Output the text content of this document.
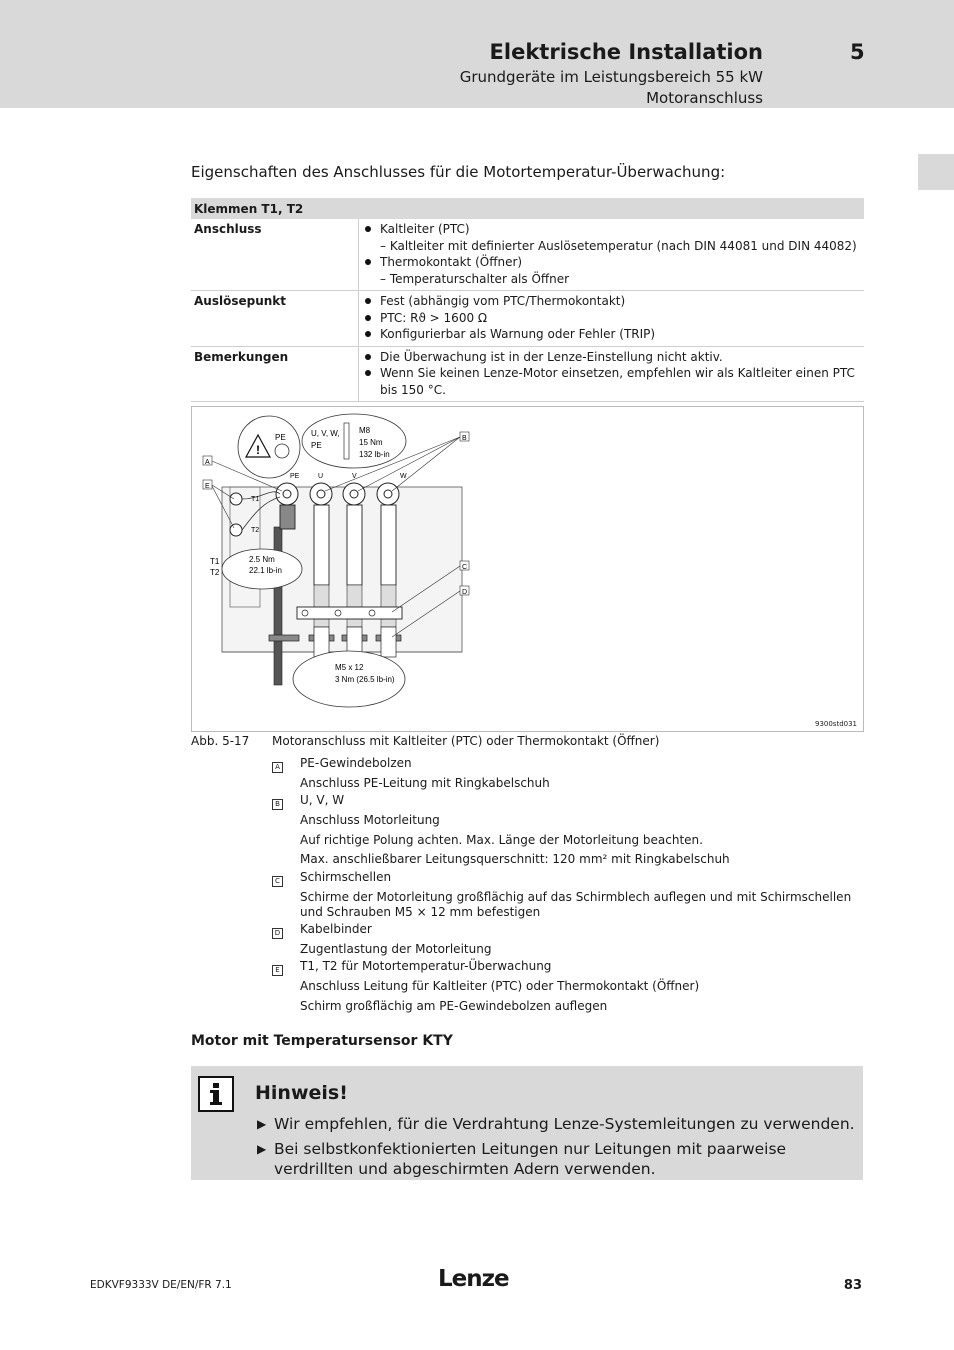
Elektrische Installation	5
Grundgeräte im Leistungsbereich 55 kW
Motoranschluss
Eigenschaften des Anschlusses für die Motortemperatur-Überwachung:
Klemmen T1, T2	
Anschluss	Kaltleiter (PTC)
– Kaltleiter mit definierter Auslösetemperatur (nach DIN 44081 und DIN 44082)
Thermokontakt (Öffner)
– Temperaturschalter als Öffner

Auslösepunkt	Fest (abhängig vom PTC/Thermokontakt)
PTC: Rϑ > 1600 Ω
Konfigurierbar als Warnung oder Fehler (TRIP)

Bemerkungen	Die Überwachung ist in der Lenze-Einstellung nicht aktiv.
Wenn Sie keinen Lenze-Motor einsetzen, empfehlen wir als Kaltleiter einen PTC bis 150 °C.
!
PE	U, V, W,
PE
M8
15 Nm
132 lb-in
PE	U	V	W
T1
T2
T1
T2
2.5 Nm
22.1 lb-in
M5 x 12
3 Nm (26.5 lb-in)
A
E
B
C
D
9300std031
Abb. 5-17 Motoranschluss mit Kaltleiter (PTC) oder Thermokontakt (Öffner)
A PE-Gewindebolzen
Anschluss PE-Leitung mit Ringkabelschuh
B U, V, W
Anschluss Motorleitung
Auf richtige Polung achten. Max. Länge der Motorleitung beachten.
Max. anschließbarer Leitungsquerschnitt: 120 mm² mit Ringkabelschuh
C Schirmschellen
Schirme der Motorleitung großflächig auf das Schirmblech auflegen und mit Schirmschellen
und Schrauben M5 × 12 mm befestigen
D Kabelbinder
Zugentlastung der Motorleitung
E T1, T2 für Motortemperatur-Überwachung
Anschluss Leitung für Kaltleiter (PTC) oder Thermokontakt (Öffner)
Schirm großflächig am PE-Gewindebolzen auflegen
Motor mit Temperatursensor KTY
Hinweis!
▶ Wir empfehlen, für die Verdrahtung Lenze-Systemleitungen zu verwenden.
▶ Bei selbstkonfektionierten Leitungen nur Leitungen mit paarweise
verdrillten und abgeschirmten Adern verwenden.
EDKVF9333V DE/EN/FR 7.1	Lenze	83
